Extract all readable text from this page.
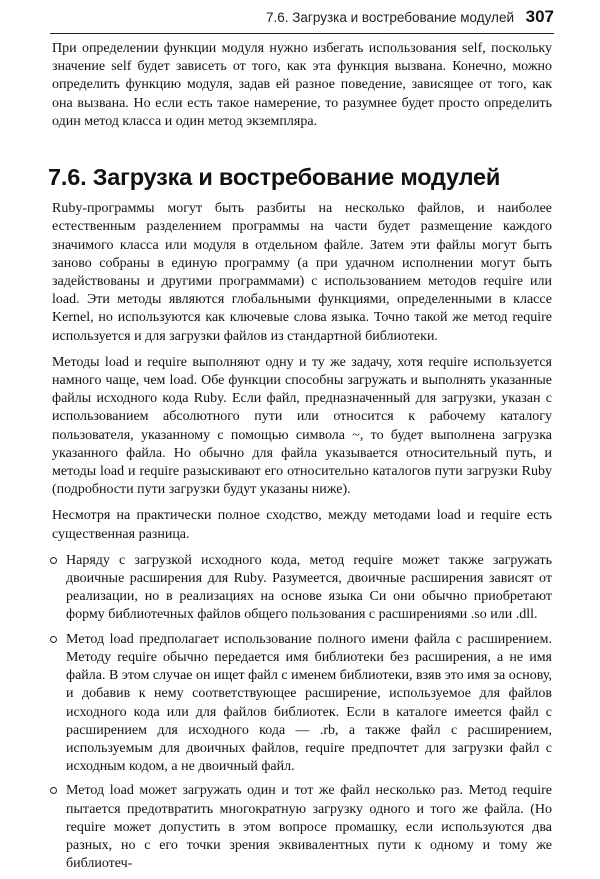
7.6. Загрузка и востребование модулей 307

При определении функции модуля нужно избегать использования self, поскольку значение self будет зависеть от того, как эта функция вызвана. Конечно, можно определить функцию модуля, задав ей разное поведение, зависящее от того, как она вызвана. Но если есть такое намерение, то разумнее будет просто определить один метод класса и один метод экземпляра.

7.6. Загрузка и востребование модулей

Ruby-программы могут быть разбиты на несколько файлов, и наиболее естественным разделением программы на части будет размещение каждого значимого класса или модуля в отдельном файле. Затем эти файлы могут быть заново собраны в единую программу (а при удачном исполнении могут быть задействованы и другими программами) с использованием методов require или load. Эти методы являются глобальными функциями, определенными в классе Kernel, но используются как ключевые слова языка. Точно такой же метод require используется и для загрузки файлов из стандартной библиотеки.

Методы load и require выполняют одну и ту же задачу, хотя require используется намного чаще, чем load. Обе функции способны загружать и выполнять указанные файлы исходного кода Ruby. Если файл, предназначенный для загрузки, указан с использованием абсолютного пути или относится к рабочему каталогу пользователя, указанному с помощью символа ~, то будет выполнена загрузка указанного файла. Но обычно для файла указывается относительный путь, и методы load и require разыскивают его относительно каталогов пути загрузки Ruby (подробности пути загрузки будут указаны ниже).

Несмотря на практически полное сходство, между методами load и require есть существенная разница.

Наряду с загрузкой исходного кода, метод require может также загружать двоичные расширения для Ruby. Разумеется, двоичные расширения зависят от реализации, но в реализациях на основе языка Си они обычно приобретают форму библиотечных файлов общего пользования с расширениями .so или .dll.
Метод load предполагает использование полного имени файла с расширением. Методу require обычно передается имя библиотеки без расширения, а не имя файла. В этом случае он ищет файл с именем библиотеки, взяв это имя за основу, и добавив к нему соответствующее расширение, используемое для файлов исходного кода или для файлов библиотек. Если в каталоге имеется файл с расширением для исходного кода — .rb, а также файл с расширением, используемым для двоичных файлов, require предпочтет для загрузки файл с исходным кодом, а не двоичный файл.
Метод load может загружать один и тот же файл несколько раз. Метод require пытается предотвратить многократную загрузку одного и того же файла. (Но require может допустить в этом вопросе промашку, если используются два разных, но с его точки зрения эквивалентных пути к одному и тому же библиотеч-
